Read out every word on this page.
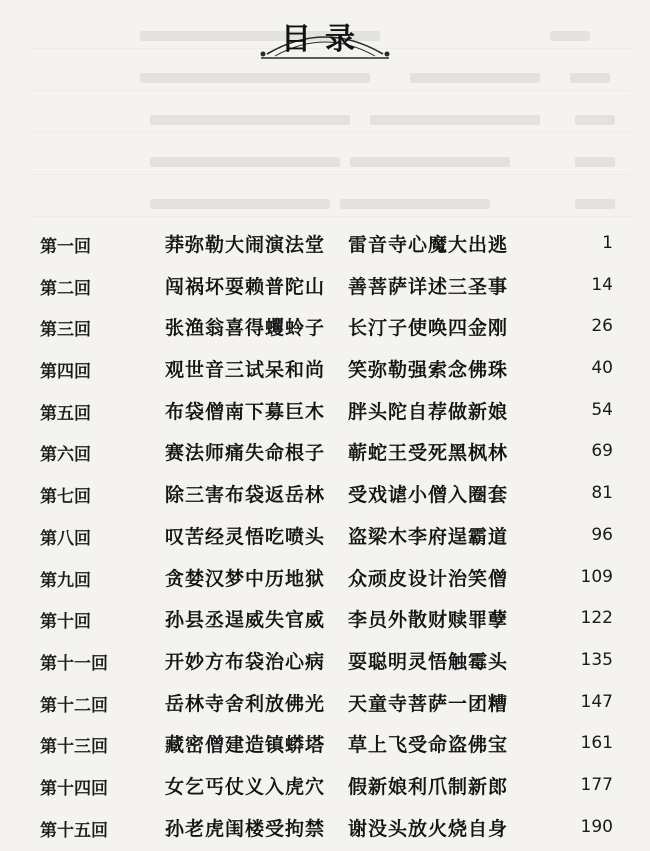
目录
第一回	莽弥勒大闹演法堂 雷音寺心魔大出逃	1
第二回	闯祸坏耍赖普陀山 善菩萨详述三圣事	14
第三回	张渔翁喜得蠼蛉子 长汀子使唤四金刚	26
第四回	观世音三试呆和尚 笑弥勒强索念佛珠	40
第五回	布袋僧南下募巨木 胖头陀自荐做新娘	54
第六回	赛法师痛失命根子 蕲蛇王受死黑枫林	69
第七回	除三害布袋返岳林 受戏谑小僧入圈套	81
第八回	叹苦经灵悟吃喷头 盗梁木李府逞霸道	96
第九回	贪婪汉梦中历地狱 众顽皮设计治笑僧	109
第十回	孙县丞逞威失官威 李员外散财赎罪孽	122
第十一回	开妙方布袋治心病 耍聪明灵悟触霉头	135
第十二回	岳林寺舍利放佛光 天童寺菩萨一团糟	147
第十三回	藏密僧建造镇蟒塔 草上飞受命盗佛宝	161
第十四回	女乞丐仗义入虎穴 假新娘利爪制新郎	177
第十五回	孙老虎闺楼受拘禁 谢没头放火烧自身	190
